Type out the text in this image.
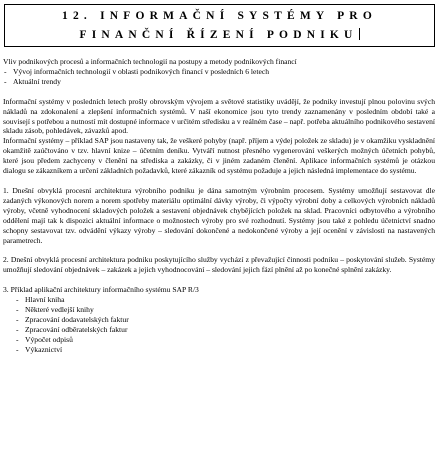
12. INFORMAČNÍ SYSTÉMY PRO
FINANČNÍ ŘÍZENÍ PODNIKU

Vliv podnikových procesů a informačních technologií na postupy a metody podnikových financí

- Vývoj informačních technologií v oblasti podnikových financí v posledních 6 letech

- Aktuální trendy

Informační systémy v posledních letech prošly obrovským vývojem a světové statistiky uvádějí, že podniky investují plnou polovinu svých nákladů na zdokonalení a zlepšení informačních systémů. V naší ekonomice jsou tyto trendy zaznamenány v posledním období také a souvisejí s potřebou a nutností mít dostupné informace v určitém středisku a v reálném čase – např. potřeba aktuálního podnikového sestavení skladu zásob, pohledávek, závazků apod.

Informační systémy – příklad SAP jsou nastaveny tak, že veškeré pohyby (např. příjem a výdej položek ze skladu) je v okamžiku vyskladnění okamžitě zaúčtováno v tzv. hlavní knize – účetním deníku. Vytváří nutnost přesného vygenerování veškerých možných účetních pohybů, které jsou předem zachyceny v členění na střediska a zakázky, či v jiném zadaném členění. Aplikace informačních systémů je otázkou dialogu se zákazníkem a určení základních požadavků, které zákazník od systému požaduje a jejich následná implementace do systému.

1. Dnešní obvyklá procesní architektura výrobního podniku je dána samotným výrobním procesem. Systémy umožňují sestavovat dle zadaných výkonových norem a norem spotřeby materiálu optimální dávky výroby, či výpočty výrobní doby a celkových výrobních nákladů výroby, včetně vyhodnocení skladových položek a sestavení objednávek chybějících položek na sklad. Pracovníci odbytového a výrobního oddělení mají tak k dispozici aktuální informace o možnostech výroby pro své rozhodnutí. Systémy jsou také z pohledu účetnictví snadno schopny sestavovat tzv. odvádění výkazy výroby – sledování dokončené a nedokončené výroby a její ocenění v závislosti na nastavených parametrech.

2. Dnešní obvyklá procesní architektura podniku poskytujícího služby vychází z převažující činnosti podniku – poskytování služeb. Systémy umožňují sledování objednávek – zakázek a jejich vyhodnocování – sledování jejich fází plnění až po konečné splnění zakázky.

3. Příklad aplikační architektury informačního systému SAP R/3

- Hlavní kniha
- Některé vedlejší knihy
- Zpracování dodavatelských faktur
- Zpracování odběratelských faktur
- Výpočet odpisů
- Výkaznictví
